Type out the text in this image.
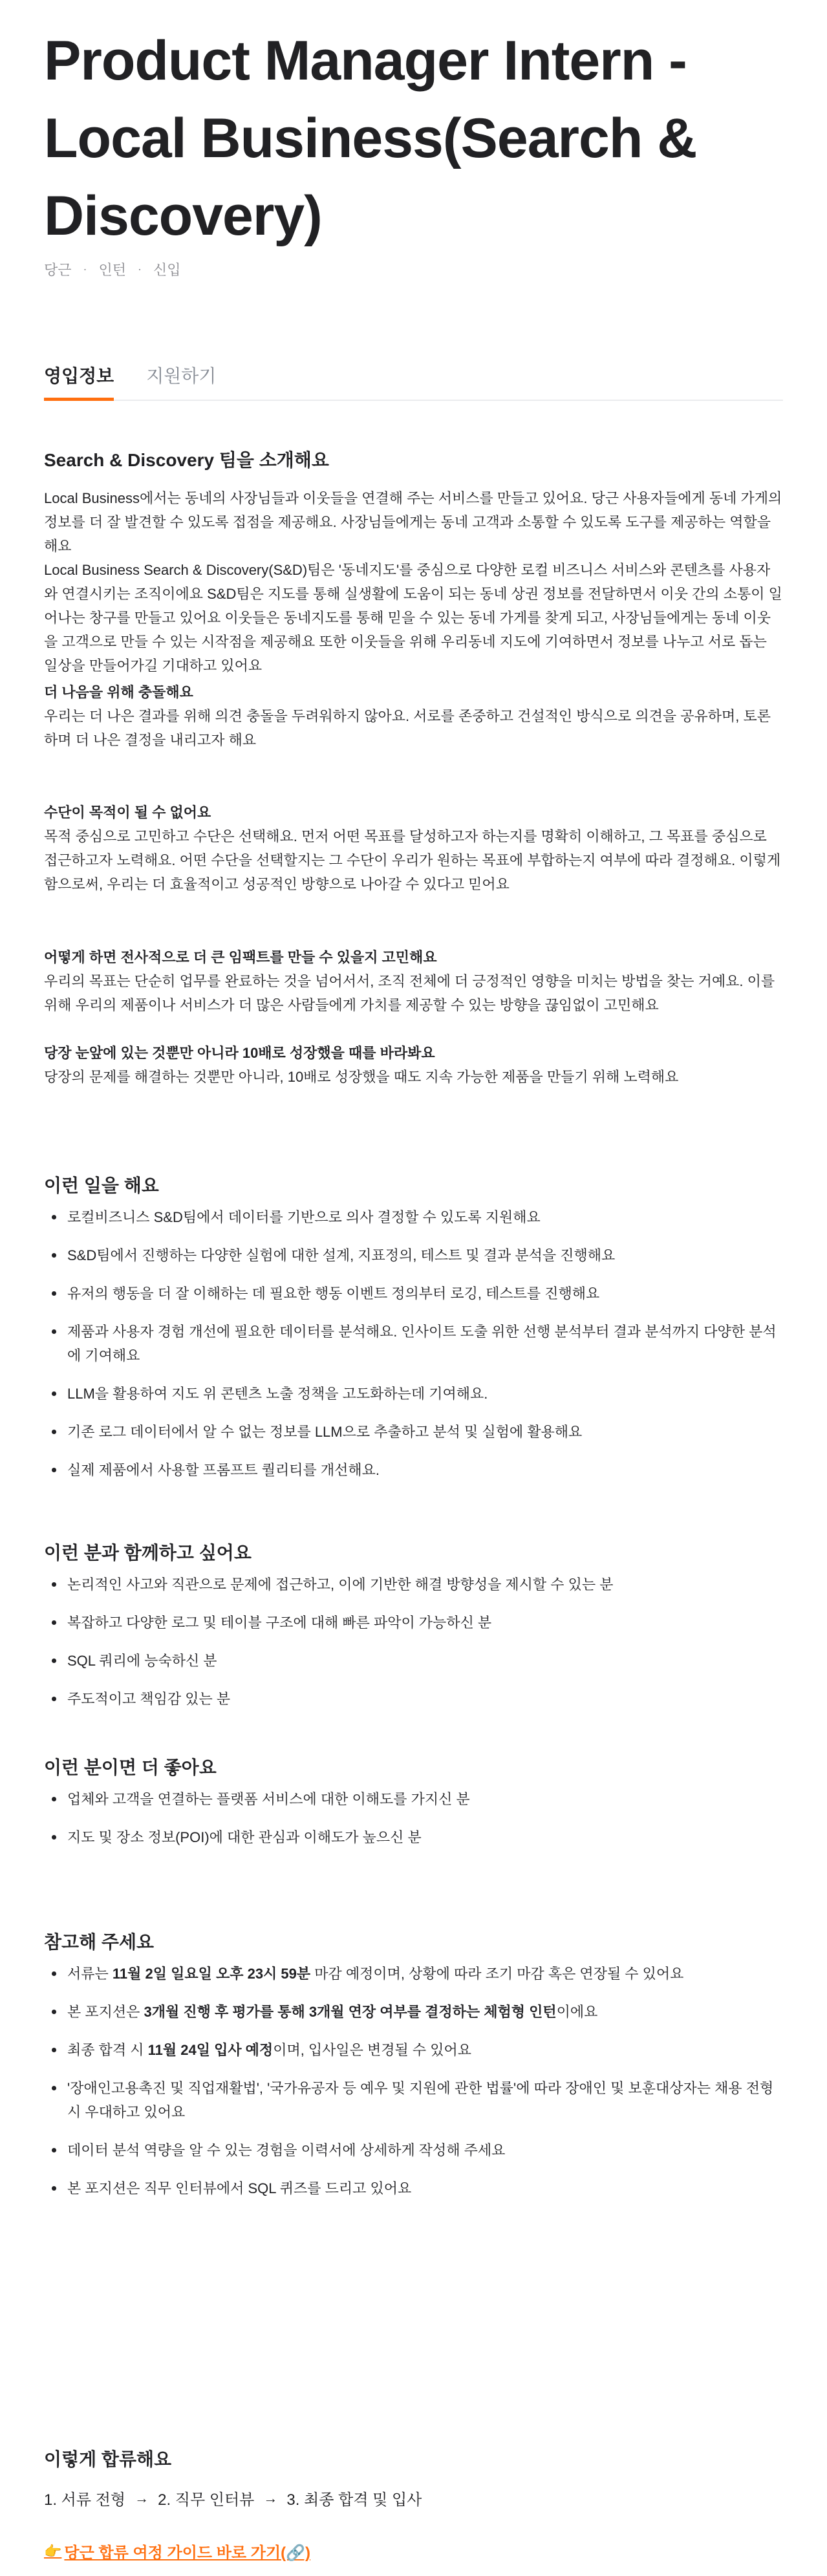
Product Manager Intern - Local Business(Search & Discovery)
당근 · 인턴 · 신입
영입정보 지원하기
Search & Discovery 팀을 소개해요

Local Business에서는 동네의 사장님들과 이웃들을 연결해 주는 서비스를 만들고 있어요. 당근 사용자들에게 동네 가게의 정보를 더 잘 발견할 수 있도록 접점을 제공해요. 사장님들에게는 동네 고객과 소통할 수 있도록 도구를 제공하는 역할을 해요

Local Business Search & Discovery(S&D)팀은 '동네지도'를 중심으로 다양한 로컬 비즈니스 서비스와 콘텐츠를 사용자와 연결시키는 조직이에요 S&D팀은 지도를 통해 실생활에 도움이 되는 동네 상권 정보를 전달하면서 이웃 간의 소통이 일어나는 창구를 만들고 있어요 이웃들은 동네지도를 통해 믿을 수 있는 동네 가게를 찾게 되고, 사장님들에게는 동네 이웃을 고객으로 만들 수 있는 시작점을 제공해요 또한 이웃들을 위해 우리동네 지도에 기여하면서 정보를 나누고 서로 돕는 일상을 만들어가길 기대하고 있어요

더 나음을 위해 충돌해요

우리는 더 나은 결과를 위해 의견 충돌을 두려워하지 않아요. 서로를 존중하고 건설적인 방식으로 의견을 공유하며, 토론하며 더 나은 결정을 내리고자 해요

수단이 목적이 될 수 없어요

목적 중심으로 고민하고 수단은 선택해요. 먼저 어떤 목표를 달성하고자 하는지를 명확히 이해하고, 그 목표를 중심으로 접근하고자 노력해요. 어떤 수단을 선택할지는 그 수단이 우리가 원하는 목표에 부합하는지 여부에 따라 결정해요. 이렇게 함으로써, 우리는 더 효율적이고 성공적인 방향으로 나아갈 수 있다고 믿어요

어떻게 하면 전사적으로 더 큰 임팩트를 만들 수 있을지 고민해요

우리의 목표는 단순히 업무를 완료하는 것을 넘어서서, 조직 전체에 더 긍정적인 영향을 미치는 방법을 찾는 거예요. 이를 위해 우리의 제품이나 서비스가 더 많은 사람들에게 가치를 제공할 수 있는 방향을 끊임없이 고민해요

당장 눈앞에 있는 것뿐만 아니라 10배로 성장했을 때를 바라봐요

당장의 문제를 해결하는 것뿐만 아니라, 10배로 성장했을 때도 지속 가능한 제품을 만들기 위해 노력해요

이런 일을 해요
로컬비즈니스 S&D팀에서 데이터를 기반으로 의사 결정할 수 있도록 지원해요
S&D팀에서 진행하는 다양한 실험에 대한 설계, 지표정의, 테스트 및 결과 분석을 진행해요
유저의 행동을 더 잘 이해하는 데 필요한 행동 이벤트 정의부터 로깅, 테스트를 진행해요
제품과 사용자 경험 개선에 필요한 데이터를 분석해요. 인사이트 도출 위한 선행 분석부터 결과 분석까지 다양한 분석에 기여해요
LLM을 활용하여 지도 위 콘텐츠 노출 정책을 고도화하는데 기여해요.
기존 로그 데이터에서 알 수 없는 정보를 LLM으로 추출하고 분석 및 실험에 활용해요
실제 제품에서 사용할 프롬프트 퀄리티를 개선해요.
이런 분과 함께하고 싶어요
논리적인 사고와 직관으로 문제에 접근하고, 이에 기반한 해결 방향성을 제시할 수 있는 분
복잡하고 다양한 로그 및 테이블 구조에 대해 빠른 파악이 가능하신 분
SQL 쿼리에 능숙하신 분
주도적이고 책임감 있는 분
이런 분이면 더 좋아요
업체와 고객을 연결하는 플랫폼 서비스에 대한 이해도를 가지신 분
지도 및 장소 정보(POI)에 대한 관심과 이해도가 높으신 분
참고해 주세요
서류는 11월 2일 일요일 오후 23시 59분 마감 예정이며, 상황에 따라 조기 마감 혹은 연장될 수 있어요
본 포지션은 3개월 진행 후 평가를 통해 3개월 연장 여부를 결정하는 체험형 인턴이에요
최종 합격 시 11월 24일 입사 예정이며, 입사일은 변경될 수 있어요
'장애인고용촉진 및 직업재활법', '국가유공자 등 예우 및 지원에 관한 법률'에 따라 장애인 및 보훈대상자는 채용 전형 시 우대하고 있어요
데이터 분석 역량을 알 수 있는 경험을 이력서에 상세하게 작성해 주세요
본 포지션은 직무 인터뷰에서 SQL 퀴즈를 드리고 있어요
이렇게 합류해요
1. 서류 전형 → 2. 직무 인터뷰 → 3. 최종 합격 및 입사
👉 당근 합류 여정 가이드 바로 가기(🔗)
